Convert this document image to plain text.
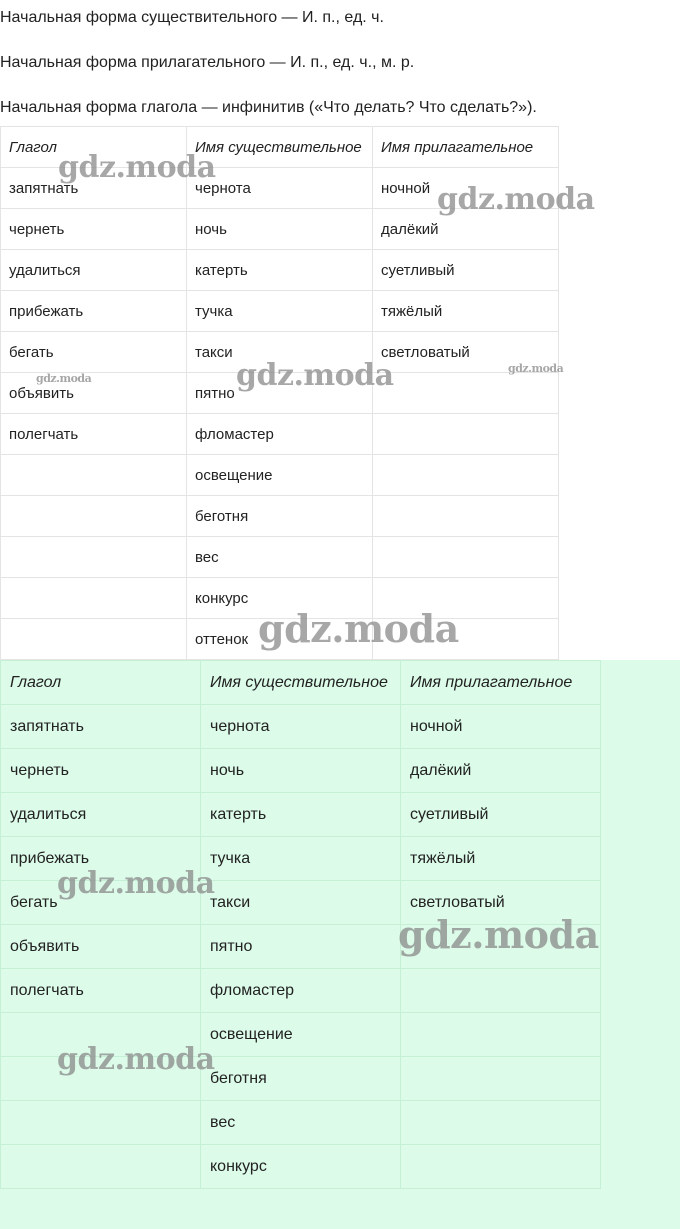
Начальная форма существительного — И. п., ед. ч.
Начальная форма прилагательного — И. п., ед. ч., м. р.
Начальная форма глагола — инфинитив («Что делать? Что сделать?»).
Глагол	Имя существительное	Имя прилагательное
запятнать	чернота	ночной
чернеть	ночь	далёкий
удалиться	катерть	суетливый
прибежать	тучка	тяжёлый
бегать	такси	светловатый
объявить	пятно	
полегчать	фломастер	
	освещение	
	беготня	
	вес	
	конкурс	
	оттенок	
Глагол	Имя существительное	Имя прилагательное
запятнать	чернота	ночной
чернеть	ночь	далёкий
удалиться	катерть	суетливый
прибежать	тучка	тяжёлый
бегать	такси	светловатый
объявить	пятно	
полегчать	фломастер	
	освещение	
	беготня	
	вес	
	конкурс	
gdz.moda
gdz.moda
gdz.moda	gdz.moda	gdz.moda
gdz.moda
gdz.moda
gdz.moda
gdz.moda
